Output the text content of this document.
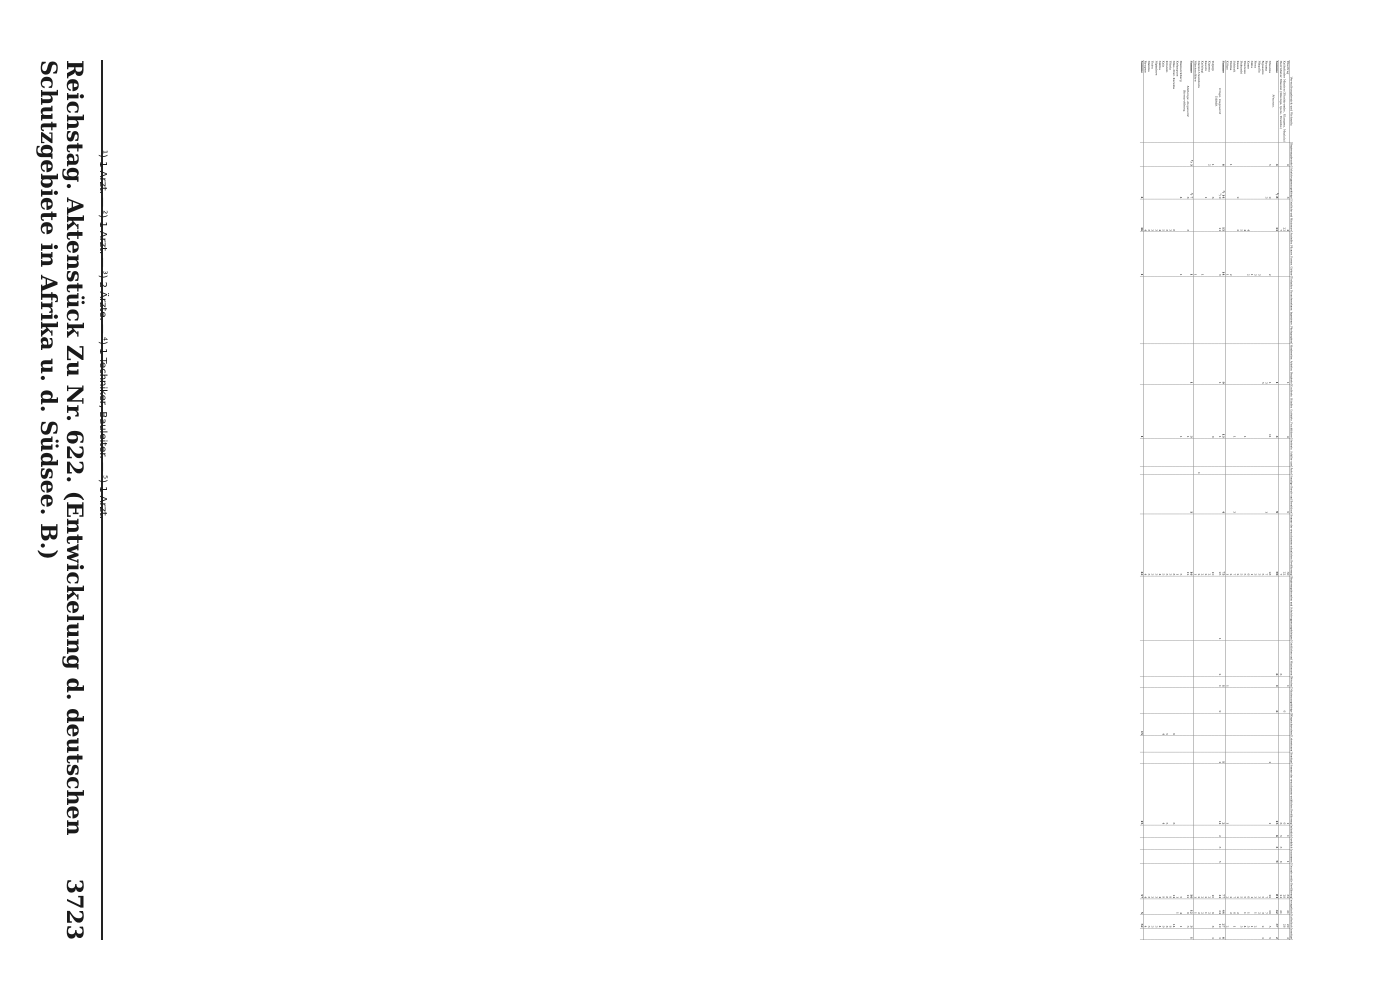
Reichstag. Aktenstück Zu Nr. 622. (Entwickelung d. deutschen Schutzgebiete in Afrika u. d. Südsee. B.)
3723
Verwaltungsbezirk und Wohnsitz	Regierungsbeamte	Schutztruppenangehörige	Geistliche und Missionare	Ansiedler, Pflanzer, Farmer, Gärtner	Techniker, Bauunternehmer, Ingenieure, Photographen	Handwerker, Arbeiter, Bergleute	Kaufleute, Händler, Gastwirte, Frachtfahrer	Seeleute, Schiffer usw	Ärzte	Sonstige Berufe und Berufslose	Summe der erwachsenen männlichen Bevölkerung	Regierungsbeamten und Schutztruppenangehörigen	Geistlichen und Missionaren	Privaten	Missionsangehörige	Pflegeschwestern	Lehrerinnen	Sonstige	Summe der erwachsenen weiblichen Bevölkerung	männlich	weiblich	zusammen	Gesamte weiße Bevölkerung	evangelisch	katholisch	sonstige
Übertrag	4	8	4			1	4			9	30			1					1	1		1	82	21	29	2
Katholische Mission (Utschirombo, Ulangwa, Msalala)			22								22				6				6				28		28	
Herrnhuter Mission (Sikonge, Ipole, Urambo)			7								7		6						6	5	3	8	21	21		
Summe	4	¹) 8	33			1	4			9	59		6	1	6				13	6	3	9	81	42	37	2
Mwanza.																										
Mwanza	5	9		2		1	11				28							1	1				29	19	5	5
Nyama		3				3				1	7												7	7		
Ngasamo						5					5												5	3	2	1
Magalla				3							3												3	2		
Nera				3							3												3	1	2	
Sima				1							1												1		1	
Kome			4	2							6												6	1	5	
Ukerewe			4				1				5												5	1	4	
Bukumbi			5								5												5		5	
Kassa		2	2								2												2	2		
Schirati							1			3	7												7	6	1	
Ukima	1			2							2												2	2		
Kiltgu				1							1			1					1				2		2	
Summe	6	²) 14	15	14		9	13			4	75			1				1	2				77	44	27	6
Iringa. insgesamt		³) 9	11	3		1	1				25	1	2	1	9			1	14	2	3	5	44	24	19	1
Udjidji.																										
Udjidji	1	6					8				10												10	6	8	1
Kigoma	2										2												2	2		
Kasulu		1									2												2	1		
Kafulugi				1							2												2	2		
Station Usumbura									1		2												2	2		
Missionsfähre				1							1												1	1		
Summe	⁴) 3	⁵) 7		1		1	3			1	16												16	12	3	1
Mahenge. insgesamt		8	3				1				12												12	9	3	
Bismarckburg.																										
Bismarckburg		4		1			1				5												5	4	1	
Kefunguse											1												1	1		
Miss.-Stat. Karema			8								8					6			6				14		14	
Utinta			3								3												8		8	
Kirando			3								3					5			5				8		8	
Kala			5								5					4			4				9		9	
Simba			4								4												4		4	
Mpimbwe			3								3												3		3	
Usiru			3								3												3		3	
Mainka			3								3												3		3	
Nyogwe			4								4												4		4	
Summe		4	36	1			1				42					15			15				57	5	52	
¹) 1 Arzt. — ²) 1 Arzt. — ³) 2 Ärzte. — ⁴) 1 Techniker, Bauleiter. — ⁵) 1 Arzt.
